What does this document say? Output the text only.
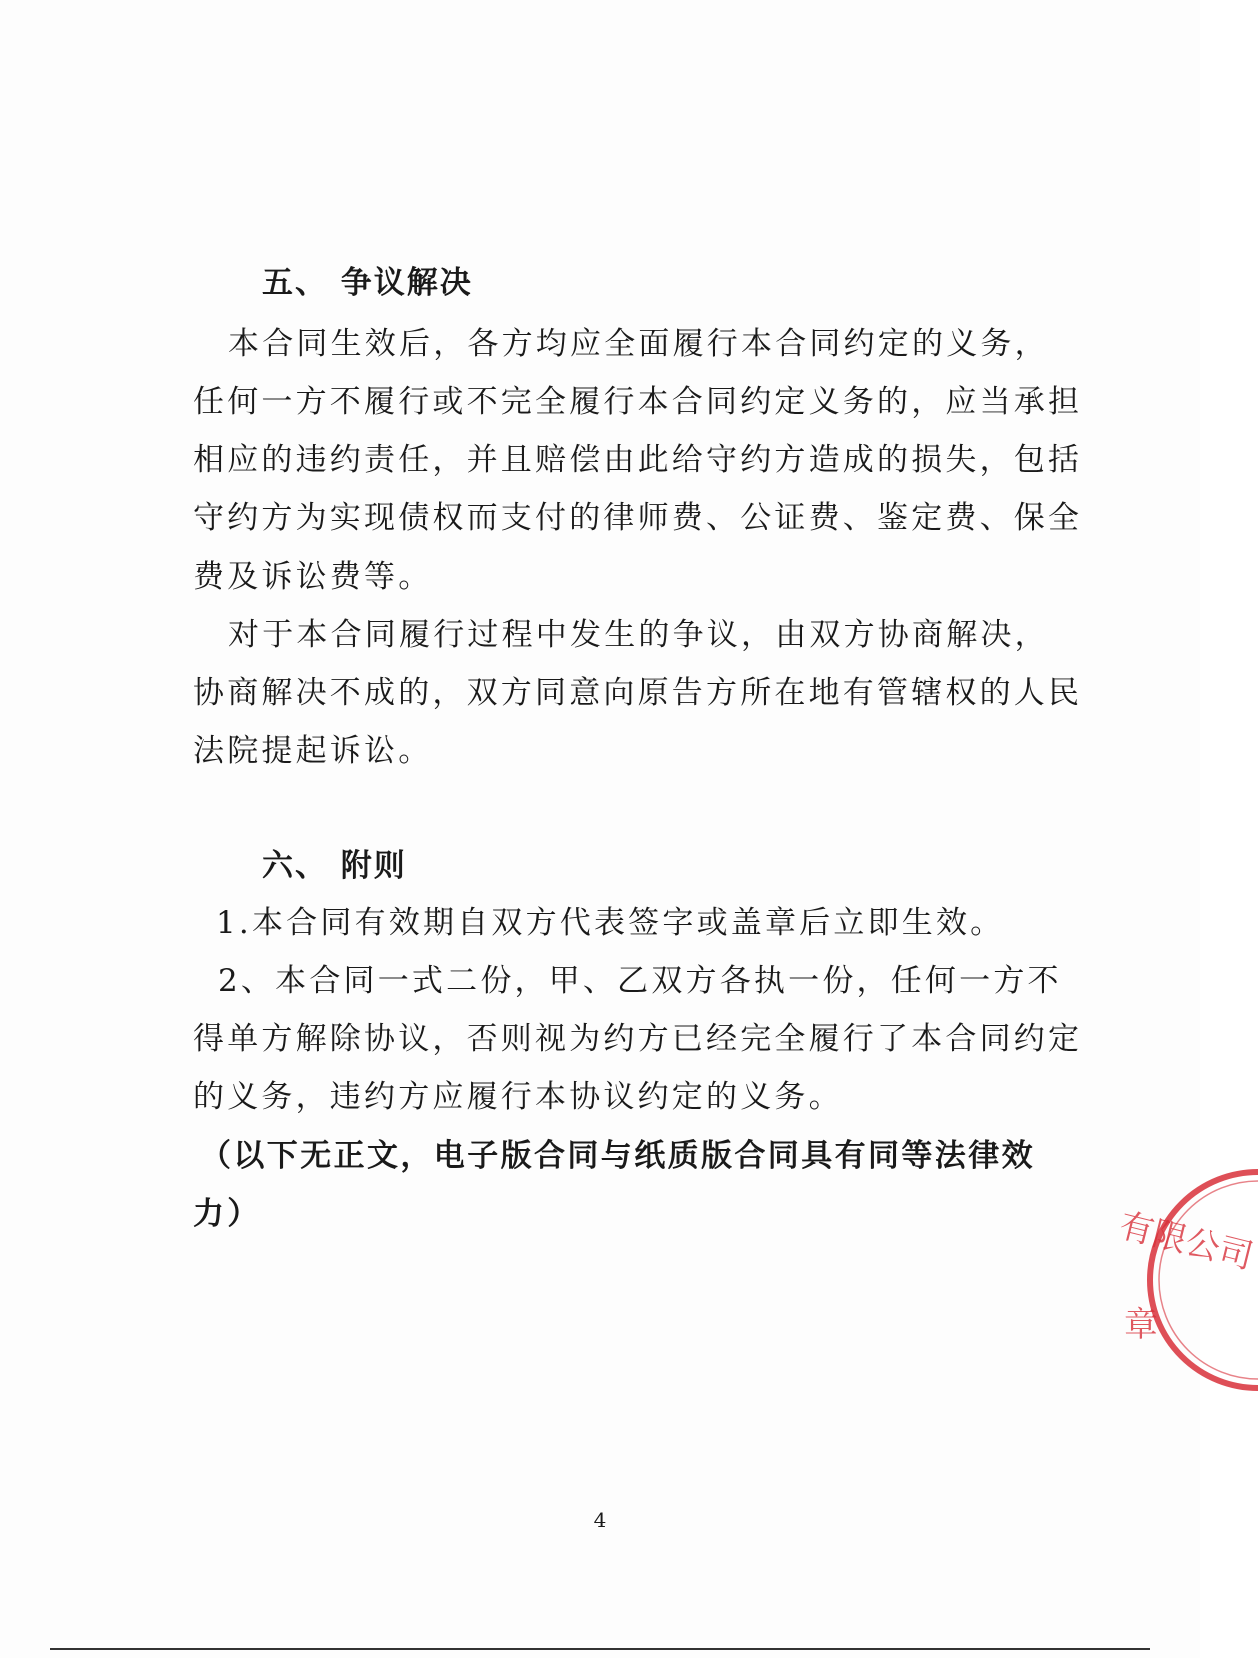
五、 争议解决
本合同生效后，各方均应全面履行本合同约定的义务，
任何一方不履行或不完全履行本合同约定义务的，应当承担
相应的违约责任，并且赔偿由此给守约方造成的损失，包括
守约方为实现债权而支付的律师费、公证费、鉴定费、保全
费及诉讼费等。
对于本合同履行过程中发生的争议，由双方协商解决，
协商解决不成的，双方同意向原告方所在地有管辖权的人民
法院提起诉讼。
六、 附则
1.本合同有效期自双方代表签字或盖章后立即生效。
2、本合同一式二份，甲、乙双方各执一份，任何一方不
得单方解除协议，否则视为约方已经完全履行了本合同约定
的义务，违约方应履行本协议约定的义务。
（以下无正文，电子版合同与纸质版合同具有同等法律效
力）	有限公司
章
4
